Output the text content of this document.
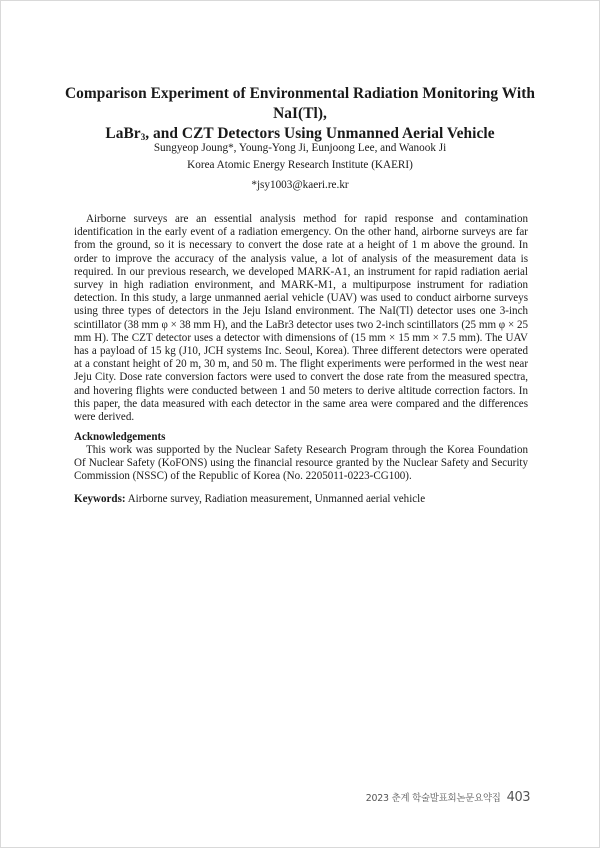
Comparison Experiment of Environmental Radiation Monitoring With NaI(Tl),
LaBr$_3$, and CZT Detectors Using Unmanned Aerial Vehicle
Sungyeop Joung*, Young-Yong Ji, Eunjoong Lee, and Wanook Ji
Korea Atomic Energy Research Institute (KAERI)
*jsy1003@kaeri.re.kr

Airborne surveys are an essential analysis method for rapid response and contamination identification in the early event of a radiation emergency. On the other hand, airborne surveys are far from the ground, so it is necessary to convert the dose rate at a height of 1 m above the ground. In order to improve the accuracy of the analysis value, a lot of analysis of the measurement data is required. In our previous research, we developed MARK-A1, an instrument for rapid radiation aerial survey in high radiation environment, and MARK-M1, a multipurpose instrument for radiation detection. In this study, a large unmanned aerial vehicle (UAV) was used to conduct airborne surveys using three types of detectors in the Jeju Island environment. The NaI(Tl) detector uses one 3-inch scintillator (38 mm φ × 38 mm H), and the LaBr3 detector uses two 2-inch scintillators (25 mm φ × 25 mm H). The CZT detector uses a detector with dimensions of (15 mm × 15 mm × 7.5 mm). The UAV has a payload of 15 kg (J10, JCH systems Inc. Seoul, Korea). Three different detectors were operated at a constant height of 20 m, 30 m, and 50 m. The flight experiments were performed in the west near Jeju City. Dose rate conversion factors were used to convert the dose rate from the measured spectra, and hovering flights were conducted between 1 and 50 meters to derive altitude correction factors. In this paper, the data measured with each detector in the same area were compared and the differences were derived.

Acknowledgements

This work was supported by the Nuclear Safety Research Program through the Korea Foundation Of Nuclear Safety (KoFONS) using the financial resource granted by the Nuclear Safety and Security Commission (NSSC) of the Republic of Korea (No. 2205011-0223-CG100).

Keywords: Airborne survey, Radiation measurement, Unmanned aerial vehicle
2023 춘계 학술발표회논문요약집 403
